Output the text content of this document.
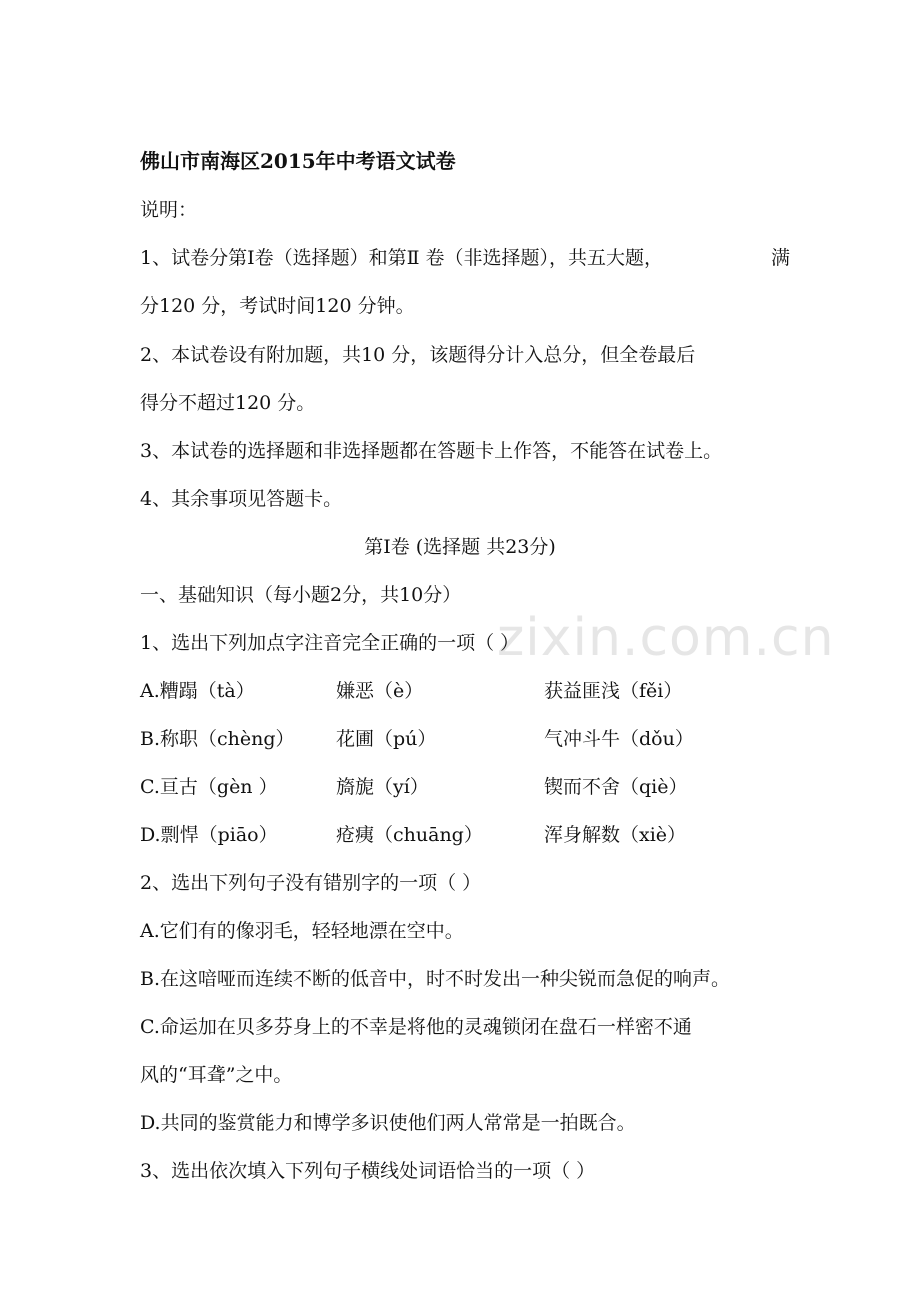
zixin.com.cn
佛山市南海区2015年中考语文试卷
说明：
1、试卷分第Ⅰ卷（选择题）和第Ⅱ 卷（非选择题），共五大题，	满
分120 分，考试时间120 分钟。
2、本试卷设有附加题，共10 分，该题得分计入总分，但全卷最后
得分不超过120 分。
3、本试卷的选择题和非选择题都在答题卡上作答，不能答在试卷上。
4、其余事项见答题卡。
第Ⅰ卷 (选择题 共23分)
一、基础知识（每小题2分，共10分）
1、选出下列加点字注音完全正确的一项（ ）
A.糟蹋（tà）	嫌恶（è）	获益匪浅（fěi）
B.称职（chèng） 花圃（pú）	气冲斗牛（dǒu）
C.亘古（gèn ）	旖旎（yí）	锲而不舍（qiè）
D.剽悍（piāo）	疮痍（chuāng）	浑身解数（xiè）
2、选出下列句子没有错别字的一项（ ）
A.它们有的像羽毛，轻轻地漂在空中。
B.在这喑哑而连续不断的低音中，时不时发出一种尖锐而急促的响声。
C.命运加在贝多芬身上的不幸是将他的灵魂锁闭在盘石一样密不通
风的“耳聋”之中。
D.共同的鉴赏能力和博学多识使他们两人常常是一拍既合。
3、选出依次填入下列句子横线处词语恰当的一项（ ）
